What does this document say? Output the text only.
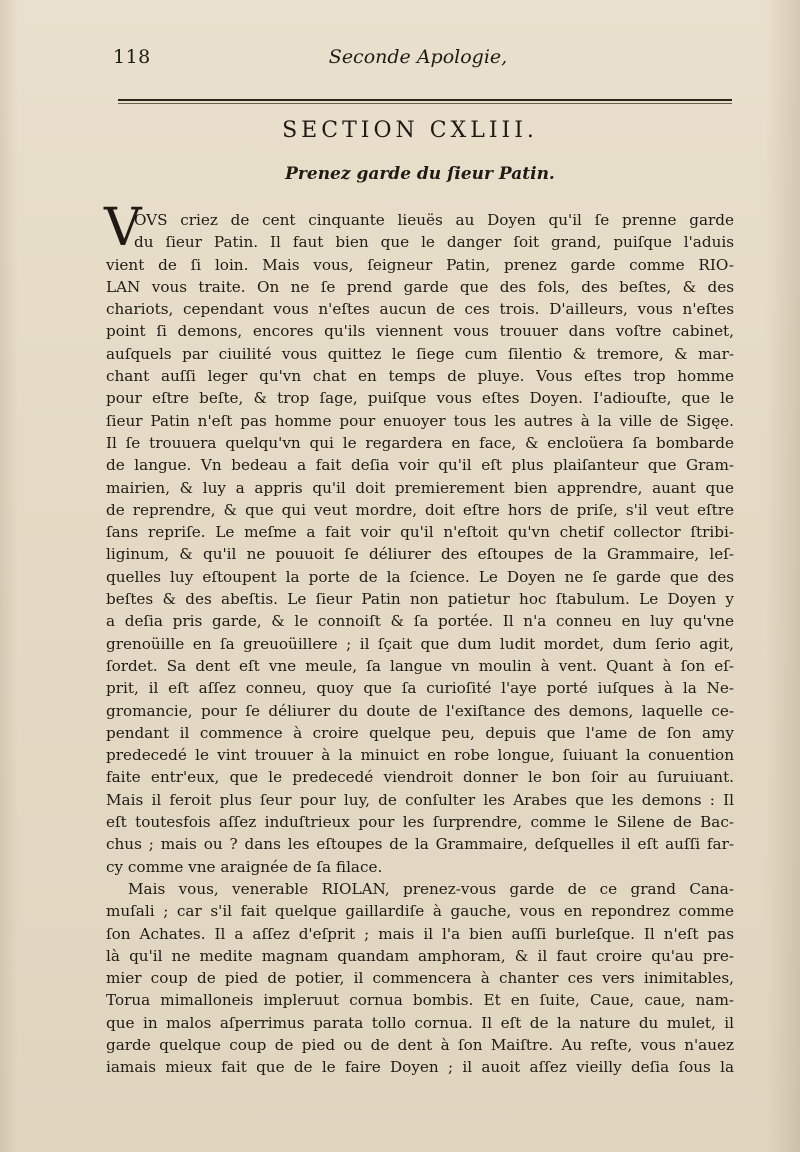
118	Seconde Apologie,
SECTION CXLIII.
Prenez garde du ſieur Patin.
V
OVS criez de cent cinquante lieuës au Doyen qu'il ſe prenne garde
du ſieur Patin. Il faut bien que le danger ſoit grand, puiſque l'aduis
vient de ſi loin. Mais vous, ſeigneur Patin, prenez garde comme RIO-
LAN vous traite. On ne ſe prend garde que des fols, des beſtes, & des
chariots, cependant vous n'eſtes aucun de ces trois. D'ailleurs, vous n'eſtes
point ſi demons, encores qu'ils viennent vous trouuer dans voſtre cabinet,
auſquels par ciuilité vous quittez le ſiege cum ſilentio & tremore, & mar-
chant auſſi leger qu'vn chat en temps de pluye. Vous eſtes trop homme
pour eſtre beſte, & trop ſage, puiſque vous eſtes Doyen. I'adiouſte, que le
ſieur Patin n'eſt pas homme pour enuoyer tous les autres à la ville de Sigęe.
Il ſe trouuera quelqu'vn qui le regardera en face, & encloüera ſa bombarde
de langue. Vn bedeau a fait deſia voir qu'il eſt plus plaiſanteur que Gram-
mairien, & luy a appris qu'il doit premierement bien apprendre, auant que
de reprendre, & que qui veut mordre, doit eſtre hors de priſe, s'il veut eſtre
ſans repriſe. Le meſme a fait voir qu'il n'eſtoit qu'vn chetif collector ſtribi-
liginum, & qu'il ne pouuoit ſe déliurer des eſtoupes de la Grammaire, leſ-
quelles luy eſtoupent la porte de la ſcience. Le Doyen ne ſe garde que des
beſtes & des abeſtis. Le ſieur Patin non patietur hoc ſtabulum. Le Doyen y
a deſia pris garde, & le connoiſt & ſa portée. Il n'a conneu en luy qu'vne
grenoüille en ſa greuoüillere ; il ſçait que dum ludit mordet, dum ſerio agit,
ſordet. Sa dent eſt vne meule, ſa langue vn moulin à vent. Quant à ſon eſ-
prit, il eſt aſſez conneu, quoy que ſa curioſité l'aye porté iuſques à la Ne-
gromancie, pour ſe déliurer du doute de l'exiſtance des demons, laquelle ce-
pendant il commence à croire quelque peu, depuis que l'ame de ſon amy
predecedé le vint trouuer à la minuict en robe longue, ſuiuant la conuention
faite entr'eux, que le predecedé viendroit donner le bon ſoir au ſuruiuant.
Mais il feroit plus ſeur pour luy, de conſulter les Arabes que les demons : Il
eſt toutesfois aſſez induſtrieux pour les ſurprendre, comme le Silene de Bac-
chus ; mais ou ? dans les eſtoupes de la Grammaire, deſquelles il eſt auſſi far-
cy comme vne araignée de ſa filace.
Mais vous, venerable RIOLAN, prenez-vous garde de ce grand Cana-
muſali ; car s'il fait quelque gaillardiſe à gauche, vous en repondrez comme
ſon Achates. Il a aſſez d'eſprit ; mais il l'a bien auſſi burleſque. Il n'eſt pas
là qu'il ne medite magnam quandam amphoram, & il faut croire qu'au pre-
mier coup de pied de potier, il commencera à chanter ces vers inimitables,
Torua mimalloneis impleruut cornua bombis. Et en ſuite, Caue, caue, nam-
que in malos aſperrimus parata tollo cornua. Il eſt de la nature du mulet, il
garde quelque coup de pied ou de dent à ſon Maiſtre. Au reſte, vous n'auez
iamais mieux fait que de le faire Doyen ; il auoit aſſez vieilly deſia ſous la
